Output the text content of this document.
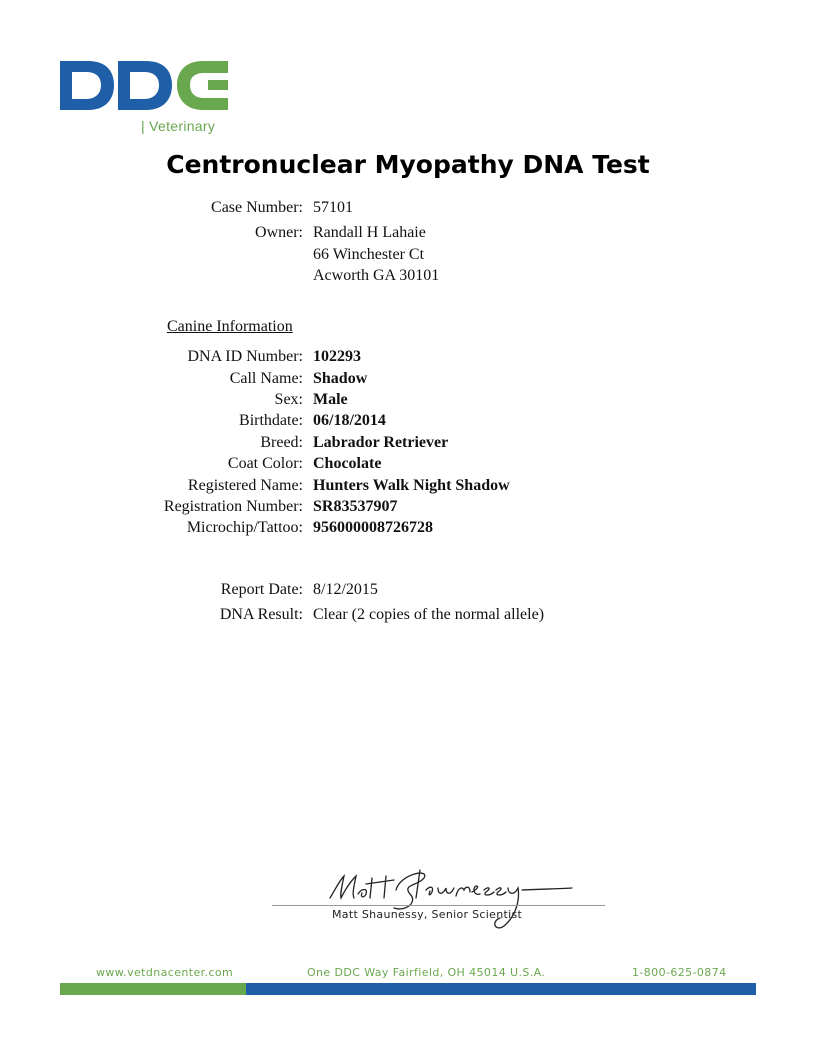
| Veterinary
Centronuclear Myopathy DNA Test
Case Number: 57101
Owner: Randall H Lahaie
66 Winchester Ct
Acworth GA 30101
Canine Information
DNA ID Number: 102293
Call Name: Shadow
Sex: Male
Birthdate: 06/18/2014
Breed: Labrador Retriever
Coat Color: Chocolate
Registered Name: Hunters Walk Night Shadow
Registration Number: SR83537907
Microchip/Tattoo: 956000008726728
Report Date: 8/12/2015
DNA Result: Clear (2 copies of the normal allele)
Matt Shaunessy, Senior Scientist
www.vetdnacenter.com	One DDC Way Fairfield, OH 45014 U.S.A.	1-800-625-0874
